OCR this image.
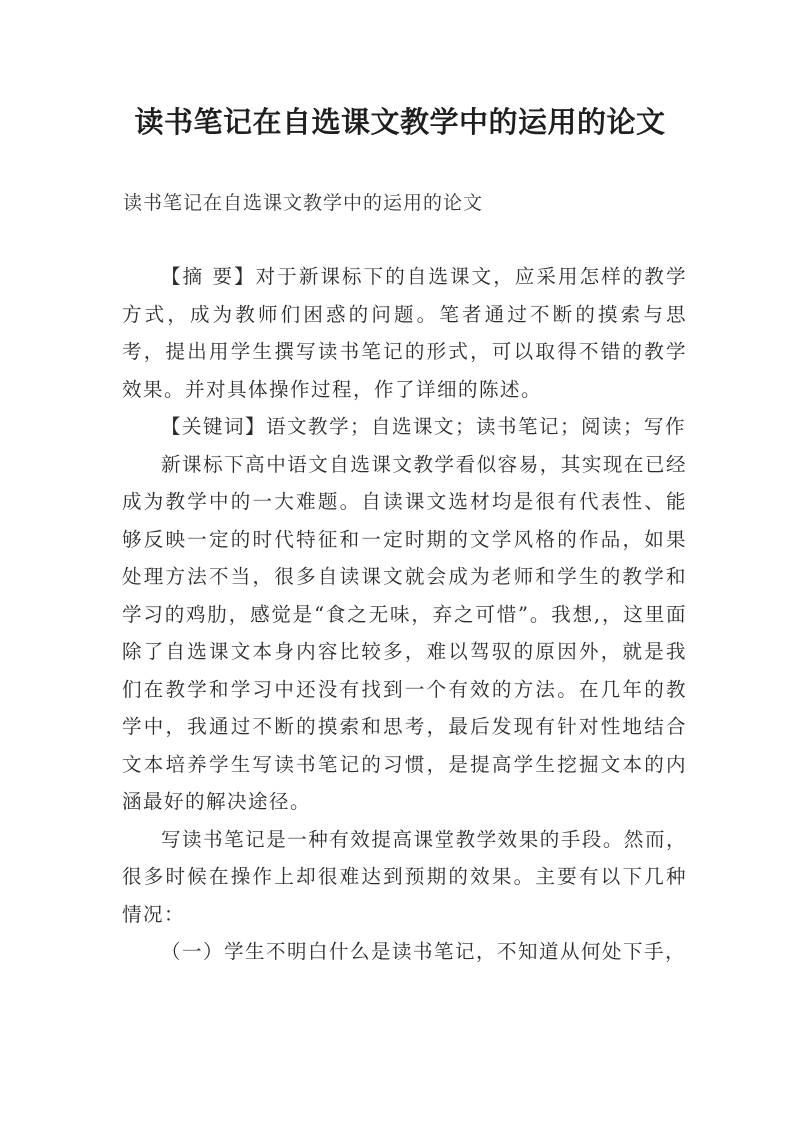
读书笔记在自选课文教学中的运用的论文

读书笔记在自选课文教学中的运用的论文

【摘 要】对于新课标下的自选课文，应采用怎样的教学方式，成为教师们困惑的问题。笔者通过不断的摸索与思考，提出用学生撰写读书笔记的形式，可以取得不错的教学效果。并对具体操作过程，作了详细的陈述。

【关键词】语文教学；自选课文；读书笔记；阅读；写作

新课标下高中语文自选课文教学看似容易，其实现在已经成为教学中的一大难题。自读课文选材均是很有代表性、能够反映一定的时代特征和一定时期的文学风格的作品，如果处理方法不当，很多自读课文就会成为老师和学生的教学和学习的鸡肋，感觉是“食之无味，弃之可惜”。我想,，这里面除了自选课文本身内容比较多，难以驾驭的原因外，就是我们在教学和学习中还没有找到一个有效的方法。在几年的教学中，我通过不断的摸索和思考，最后发现有针对性地结合文本培养学生写读书笔记的习惯，是提高学生挖掘文本的内涵最好的解决途径。

写读书笔记是一种有效提高课堂教学效果的手段。然而，很多时候在操作上却很难达到预期的效果。主要有以下几种情况：

（一）学生不明白什么是读书笔记，不知道从何处下手，
